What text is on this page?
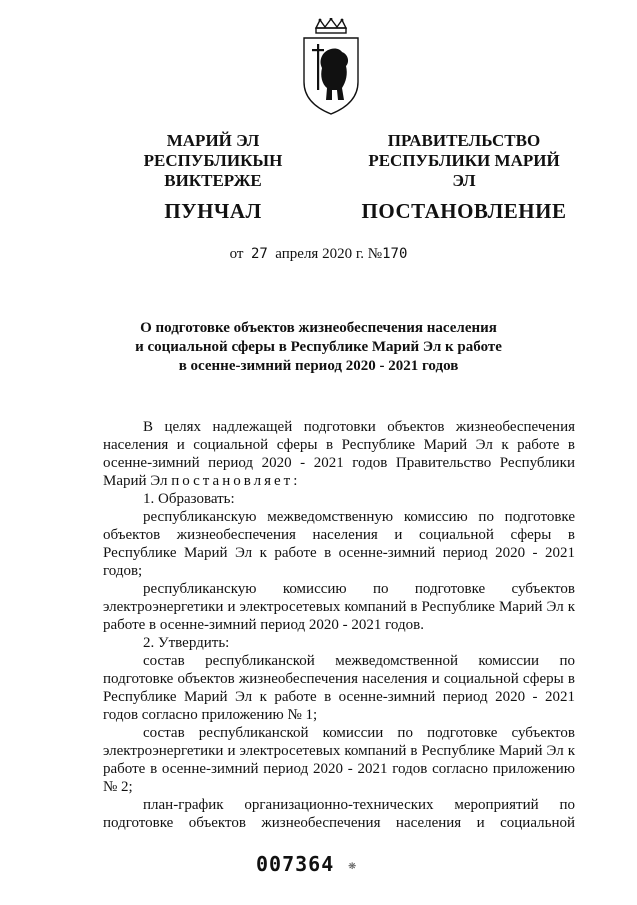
МАРИЙ ЭЛ РЕСПУБЛИКЫН
ВИКТЕРЖЕ
ПУНЧАЛ
ПРАВИТЕЛЬСТВО
РЕСПУБЛИКИ МАРИЙ ЭЛ
ПОСТАНОВЛЕНИЕ
от 27 апреля 2020 г. №170
О подготовке объектов жизнеобеспечения населения
и социальной сферы в Республике Марий Эл к работе
в осенне-зимний период 2020 - 2021 годов

В целях надлежащей подготовки объектов жизнеобеспечения населения и социальной сферы в Республике Марий Эл к работе в осенне-зимний период 2020 - 2021 годов Правительство Республики Марий Эл постановляет:

1. Образовать:

республиканскую межведомственную комиссию по подготовке объектов жизнеобеспечения населения и социальной сферы в Республике Марий Эл к работе в осенне-зимний период 2020 - 2021 годов;

республиканскую комиссию по подготовке субъектов электроэнергетики и электросетевых компаний в Республике Марий Эл к работе в осенне-зимний период 2020 - 2021 годов.

2. Утвердить:

состав республиканской межведомственной комиссии по подготовке объектов жизнеобеспечения населения и социальной сферы в Республике Марий Эл к работе в осенне-зимний период 2020 - 2021 годов согласно приложению № 1;

состав республиканской комиссии по подготовке субъектов электроэнергетики и электросетевых компаний в Республике Марий Эл к работе в осенне-зимний период 2020 - 2021 годов согласно приложению № 2;

план-график организационно-технических мероприятий по подготовке объектов жизнеобеспечения населения и социальной

007364 ❋
